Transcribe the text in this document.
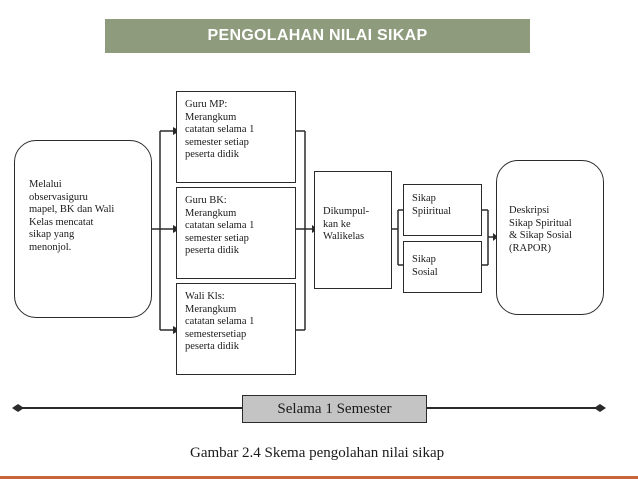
PENGOLAHAN NILAI SIKAP
Melalui
observasiguru
mapel, BK dan Wali
Kelas mencatat
sikap yang
menonjol.
Guru MP:
Merangkum
catatan selama 1
semester setiap
peserta didik
Guru BK:
Merangkum
catatan selama 1
semester setiap
peserta didik
Wali Kls:
Merangkum
catatan selama 1
semestersetiap
peserta didik
Dikumpul-
kan ke
Walikelas
Sikap
Spiiritual
Sikap
Sosial
Deskripsi
Sikap Spiritual
& Sikap Sosial
(RAPOR)
Selama 1 Semester
Gambar 2.4 Skema pengolahan nilai sikap
